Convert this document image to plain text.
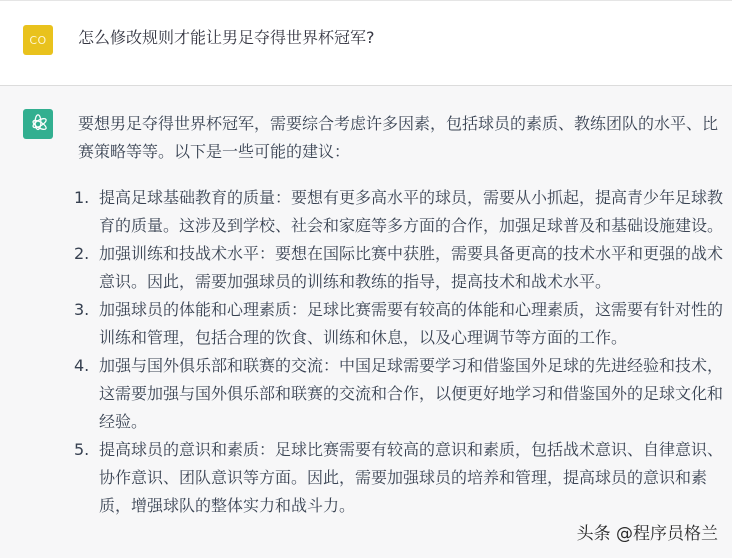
CO 怎么修改规则才能让男足夺得世界杯冠军?

要想男足夺得世界杯冠军，需要综合考虑许多因素，包括球员的素质、教练团队的水平、比赛策略等等。以下是一些可能的建议：

1. 提高足球基础教育的质量：要想有更多高水平的球员，需要从小抓起，提高青少年足球教育的质量。这涉及到学校、社会和家庭等多方面的合作，加强足球普及和基础设施建设。
2. 加强训练和技战术水平：要想在国际比赛中获胜，需要具备更高的技术水平和更强的战术意识。因此，需要加强球员的训练和教练的指导，提高技术和战术水平。
3. 加强球员的体能和心理素质：足球比赛需要有较高的体能和心理素质，这需要有针对性的训练和管理，包括合理的饮食、训练和休息，以及心理调节等方面的工作。
4. 加强与国外俱乐部和联赛的交流：中国足球需要学习和借鉴国外足球的先进经验和技术，这需要加强与国外俱乐部和联赛的交流和合作，以便更好地学习和借鉴国外的足球文化和经验。
5. 提高球员的意识和素质：足球比赛需要有较高的意识和素质，包括战术意识、自律意识、协作意识、团队意识等方面。因此，需要加强球员的培养和管理，提高球员的意识和素质，增强球队的整体实力和战斗力。
头条 @程序员格兰
